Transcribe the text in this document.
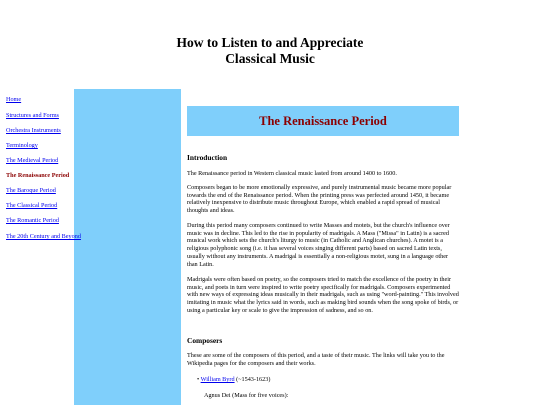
How to Listen to and Appreciate
Classical Music
Home
Structures and Forms
Orchestra Instruments
Terminology
The Medieval Period
The Renaissance Period
The Baroque Period
The Classical Period
The Romantic Period
The 20th Century and Beyond
The Renaissance Period
Introduction

The Renaissance period in Western classical music lasted from around 1400 to 1600.

Composers began to be more emotionally expressive, and purely instrumental music became more popular towards the end of the Renaissance period. When the printing press was perfected around 1450, it became relatively inexpensive to distribute music throughout Europe, which enabled a rapid spread of musical thoughts and ideas.

During this period many composers continued to write Masses and motets, but the church's influence over music was in decline. This led to the rise in popularity of madrigals. A Mass ("Missa" in Latin) is a sacred musical work which sets the church's liturgy to music (in Catholic and Anglican churches). A motet is a religious polyphonic song (i.e. it has several voices singing different parts) based on sacred Latin texts, usually without any instruments. A madrigal is essentially a non-religious motet, sung in a language other than Latin.

Madrigals were often based on poetry, so the composers tried to match the excellence of the poetry in their music, and poets in turn were inspired to write poetry specifically for madrigals. Composers experimented with new ways of expressing ideas musically in their madrigals, such as using "word-painting." This involved imitating in music what the lyrics said in words, such as making bird sounds when the song spoke of birds, or using a particular key or scale to give the impression of sadness, and so on.

Composers

These are some of the composers of this period, and a taste of their music. The links will take you to the Wikipedia pages for the composers and their works.

• William Byrd (~1543-1623)
Agnus Dei (Mass for five voices):
